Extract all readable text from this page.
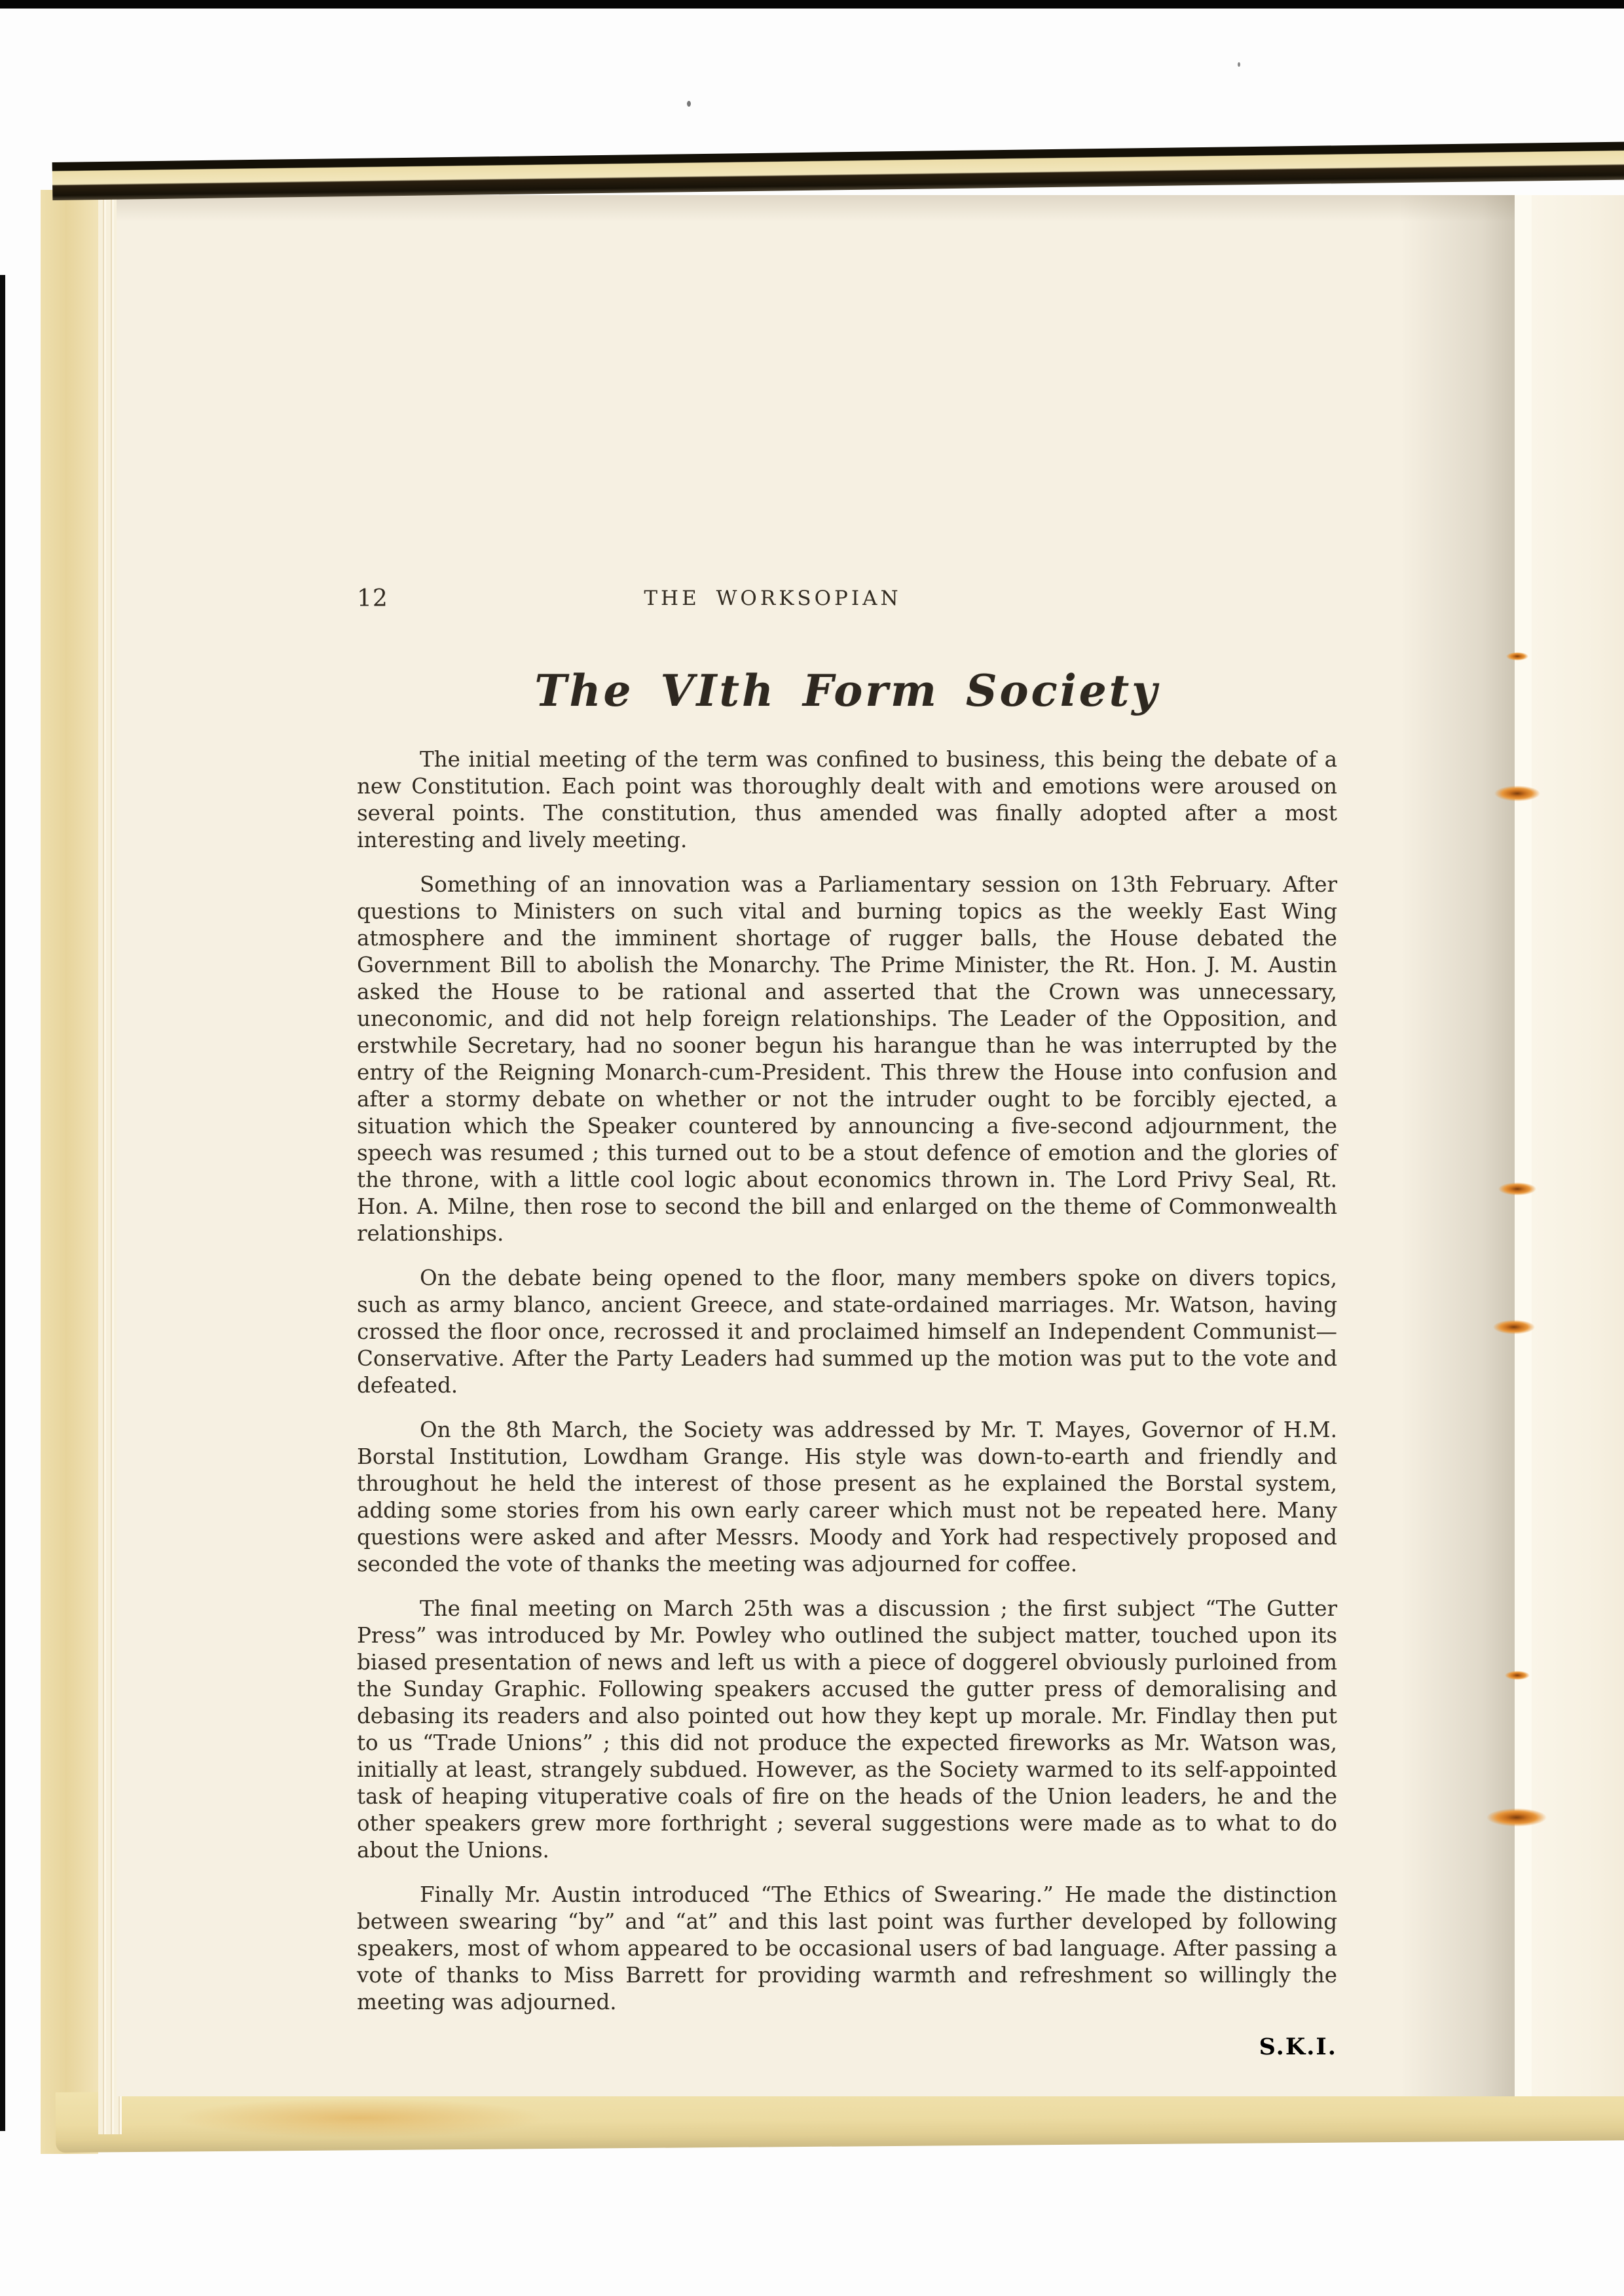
12	THE WORKSOPIAN
The VIth Form Society

The initial meeting of the term was confined to business, this being the debate of a new Constitution. Each point was thoroughly dealt with and emotions were aroused on several points. The constitution, thus amended was finally adopted after a most interesting and lively meeting.

Something of an innovation was a Parliamentary session on 13th February. After questions to Ministers on such vital and burning topics as the weekly East Wing atmosphere and the imminent shortage of rugger balls, the House debated the Government Bill to abolish the Monarchy. The Prime Minister, the Rt. Hon. J. M. Austin asked the House to be rational and asserted that the Crown was unnecessary, uneconomic, and did not help foreign relationships. The Leader of the Opposition, and erstwhile Secretary, had no sooner begun his harangue than he was interrupted by the entry of the Reigning Monarch-cum-President. This threw the House into confusion and after a stormy debate on whether or not the intruder ought to be forcibly ejected, a situation which the Speaker countered by announcing a five-second adjournment, the speech was resumed ; this turned out to be a stout defence of emotion and the glories of the throne, with a little cool logic about economics thrown in. The Lord Privy Seal, Rt. Hon. A. Milne, then rose to second the bill and enlarged on the theme of Commonwealth relationships.

On the debate being opened to the floor, many members spoke on divers topics, such as army blanco, ancient Greece, and state-ordained marriages. Mr. Watson, having crossed the floor once, recrossed it and proclaimed himself an Independent Communist—Conservative. After the Party Leaders had summed up the motion was put to the vote and defeated.

On the 8th March, the Society was addressed by Mr. T. Mayes, Governor of H.M. Borstal Institution, Lowdham Grange. His style was down-to-earth and friendly and throughout he held the interest of those present as he explained the Borstal system, adding some stories from his own early career which must not be repeated here. Many questions were asked and after Messrs. Moody and York had respectively proposed and seconded the vote of thanks the meeting was adjourned for coffee.

The final meeting on March 25th was a discussion ; the first subject “The Gutter Press” was introduced by Mr. Powley who outlined the subject matter, touched upon its biased presentation of news and left us with a piece of doggerel obviously purloined from the Sunday Graphic. Following speakers accused the gutter press of demoralising and debasing its readers and also pointed out how they kept up morale. Mr. Findlay then put to us “Trade Unions” ; this did not produce the expected fireworks as Mr. Watson was, initially at least, strangely subdued. However, as the Society warmed to its self-appointed task of heaping vituperative coals of fire on the heads of the Union leaders, he and the other speakers grew more forthright ; several suggestions were made as to what to do about the Unions.

Finally Mr. Austin introduced “The Ethics of Swearing.” He made the distinction between swearing “by” and “at” and this last point was further developed by following speakers, most of whom appeared to be occasional users of bad language. After passing a vote of thanks to Miss Barrett for providing warmth and refreshment so willingly the meeting was adjourned.

S.K.I.
